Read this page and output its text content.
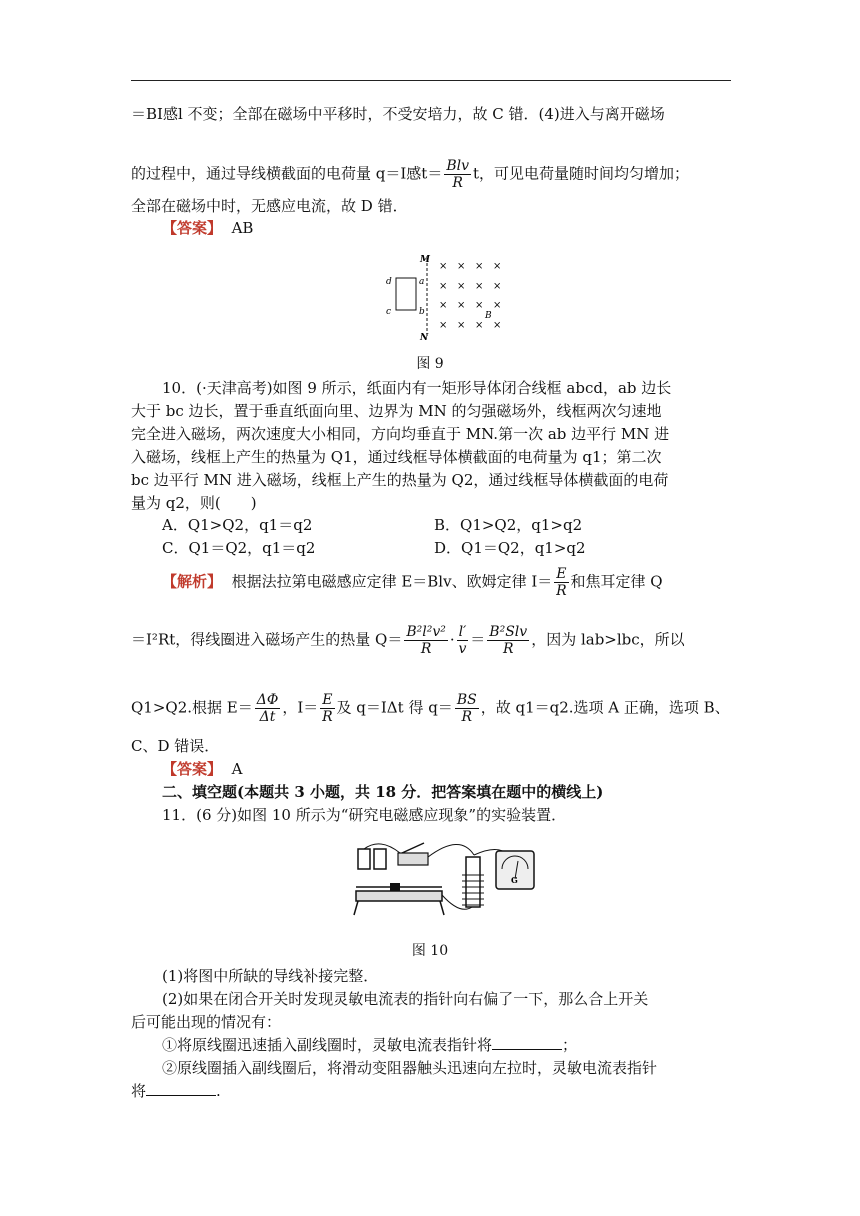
＝BI感l 不变；全部在磁场中平移时，不受安培力，故 C 错．(4)进入与离开磁场
的过程中，通过导线横截面的电荷量 q＝I感$t= \frac{\text{Blv}}{R}$ t，可见电荷量随时间均匀增加；
全部在磁场中时，无感应电流，故 D 错．
【答案】 AB
M
N
d
c
a
b
× × × ×
× × × ×
× × × ×
× × × ×
B
图 9
10．(·天津高考)如图 9 所示，纸面内有一矩形导体闭合线框 abcd，ab 边长
大于 bc 边长，置于垂直纸面向里、边界为 MN 的匀强磁场外，线框两次匀速地
完全进入磁场，两次速度大小相同，方向均垂直于 MN.第一次 ab 边平行 MN 进
入磁场，线框上产生的热量为 Q1，通过线框导体横截面的电荷量为 q1；第二次
bc 边平行 MN 进入磁场，线框上产生的热量为 Q2，通过线框导体横截面的电荷
量为 q2，则(　　)
A．Q1>Q2，q1＝q2	B．Q1>Q2，q1>q2
C．Q1＝Q2，q1＝q2	D．Q1＝Q2，q1>q2
【解析】 根据法拉第电磁感应定律 E＝Blv、欧姆定律 $I= \frac{E}{R}$ 和焦耳定律 Q
＝I²Rt，得线圈进入磁场产生的热量 $Q= \frac{\text{B²l²v²}}{R} \cdot \frac{l'}{v} = \frac{\text{B²Slv}}{R}$ ，因为 lab>lbc，所以
Q1>Q2.根据 $E= \frac{\Delta\Phi}{\Delta t}$ ，$I= \frac{E}{R}$ 及 q＝IΔt 得 $q= \frac{BS}{R}$ ，故 q1＝q2.选项 A 正确，选项 B、
C、D 错误．
【答案】 A
二、填空题(本题共 3 小题，共 18 分．把答案填在题中的横线上)
11．(6 分)如图 10 所示为“研究电磁感应现象”的实验装置．
G
图 10
(1)将图中所缺的导线补接完整．
(2)如果在闭合开关时发现灵敏电流表的指针向右偏了一下，那么合上开关
后可能出现的情况有：
①将原线圈迅速插入副线圈时，灵敏电流表指针将	；
②原线圈插入副线圈后，将滑动变阻器触头迅速向左拉时，灵敏电流表指针
将	.
